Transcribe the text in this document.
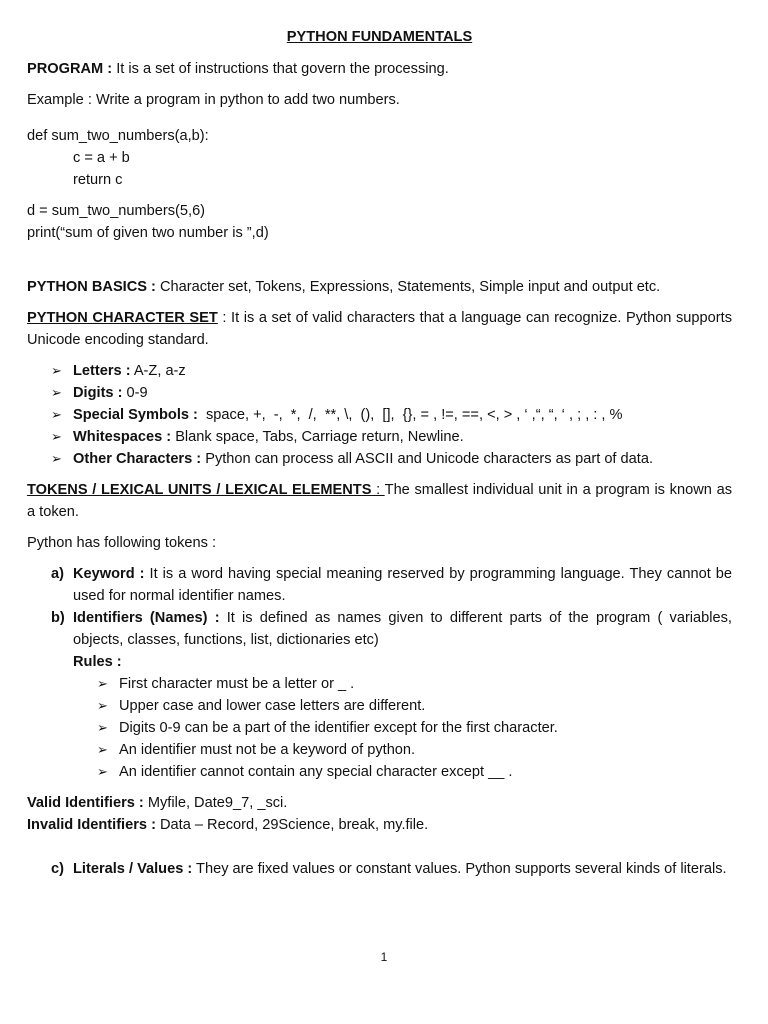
PYTHON FUNDAMENTALS

PROGRAM : It is a set of instructions that govern the processing.

Example : Write a program in python to add two numbers.

def sum_two_numbers(a,b):
c = a + b
return c
d = sum_two_numbers(5,6)
print(“sum of given two number is ”,d)

PYTHON BASICS : Character set, Tokens, Expressions, Statements, Simple input and output etc.

PYTHON CHARACTER SET : It is a set of valid characters that a language can recognize. Python supports Unicode encoding standard.

➢ Letters : A-Z, a-z
➢ Digits : 0-9
➢ Special Symbols :  space, +,  -,  *,  /,  **, \,  (),  [],  {}, = , !=, ==, <, > , ‘ ,“, “, ‘ , ; , : , %
➢ Whitespaces : Blank space, Tabs, Carriage return, Newline.
➢ Other Characters : Python can process all ASCII and Unicode characters as part of data.

TOKENS / LEXICAL UNITS / LEXICAL ELEMENTS : The smallest individual unit in a program is known as a token.

Python has following tokens :

a) Keyword : It is a word having special meaning reserved by programming language. They cannot be used for normal identifier names.
b) Identifiers (Names) : It is defined as names given to different parts of the program ( variables, objects, classes, functions, list, dictionaries etc)
Rules :
➢ First character must be a letter or _ .
➢ Upper case and lower case letters are different.
➢ Digits 0-9 can be a part of the identifier except for the first character.
➢ An identifier must not be a keyword of python.
➢ An identifier cannot contain any special character except __ .

Valid Identifiers : Myfile, Date9_7, _sci.

Invalid Identifiers : Data – Record, 29Science, break, my.file.

c) Literals / Values : They are fixed values or constant values. Python supports several kinds of literals.
1
